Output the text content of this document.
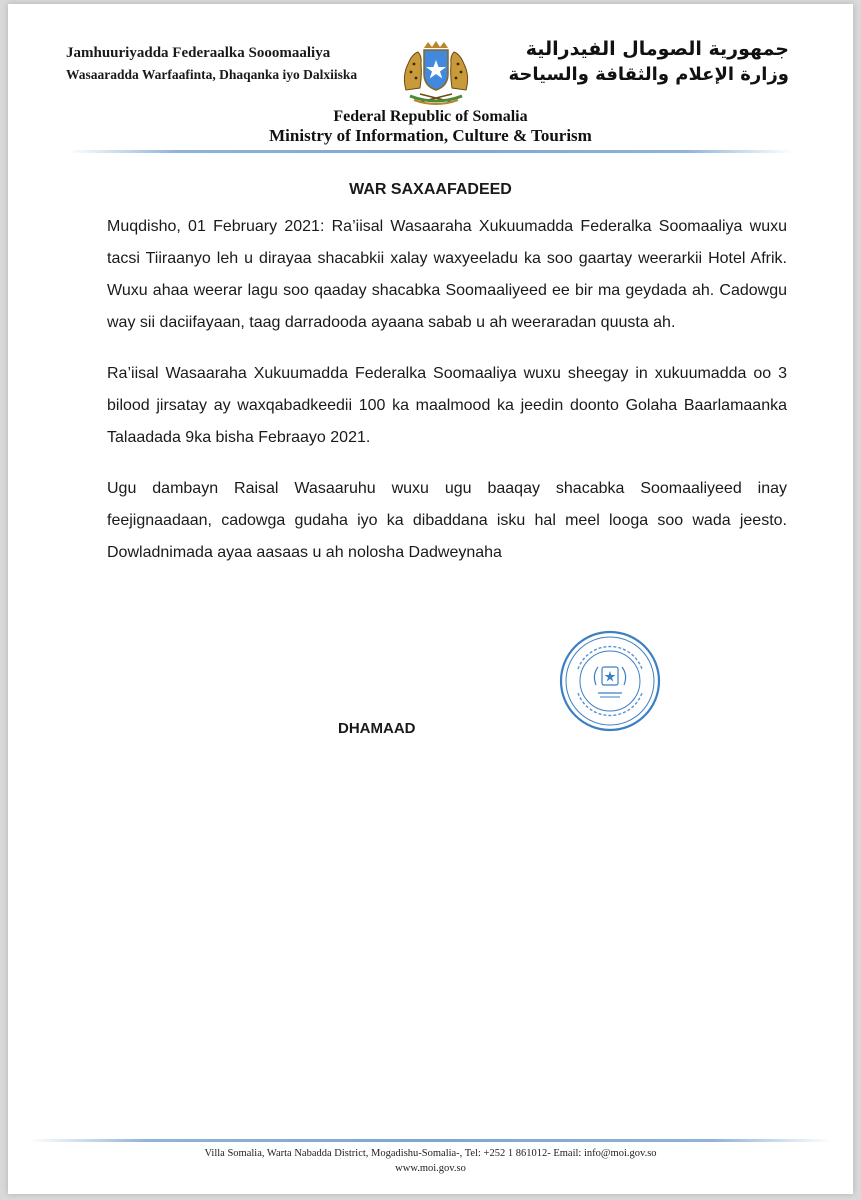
Jamhuuriyadda Federaalka Sooomaaliya
Wasaaradda Warfaafinta, Dhaqanka iyo Dalxiiska
جمهورية الصومال الفيدرالية
وزارة الإعلام والثقافة والسياحة
Federal Republic of Somalia
Ministry of Information, Culture & Tourism
WAR SAXAAFADEED

Muqdisho, 01 February 2021: Ra’iisal Wasaaraha Xukuumadda Federalka Soomaaliya wuxu tacsi Tiiraanyo leh u dirayaa shacabkii xalay waxyeeladu ka soo gaartay weerarkii Hotel Afrik. Wuxu ahaa weerar lagu soo qaaday shacabka Soomaaliyeed ee bir ma geydada ah. Cadowgu way sii daciifayaan, taag darradooda ayaana sabab u ah weeraradan quusta ah.

Ra’iisal Wasaaraha Xukuumadda Federalka Soomaaliya wuxu sheegay in xukuumadda oo 3 bilood jirsatay ay waxqabadkeedii 100 ka maalmood ka jeedin doonto Golaha Baarlamaanka Talaadada 9ka bisha Febraayo 2021.

Ugu dambayn Raisal Wasaaruhu wuxu ugu baaqay shacabka Soomaaliyeed inay feejignaadaan, cadowga gudaha iyo ka dibaddana isku hal meel looga soo wada jeesto. Dowladnimada ayaa aasaas u ah nolosha Dadweynaha

DHAMAAD
Villa Somalia, Warta Nabadda District, Mogadishu-Somalia-, Tel: +252 1 861012- Email: info@moi.gov.so
www.moi.gov.so
